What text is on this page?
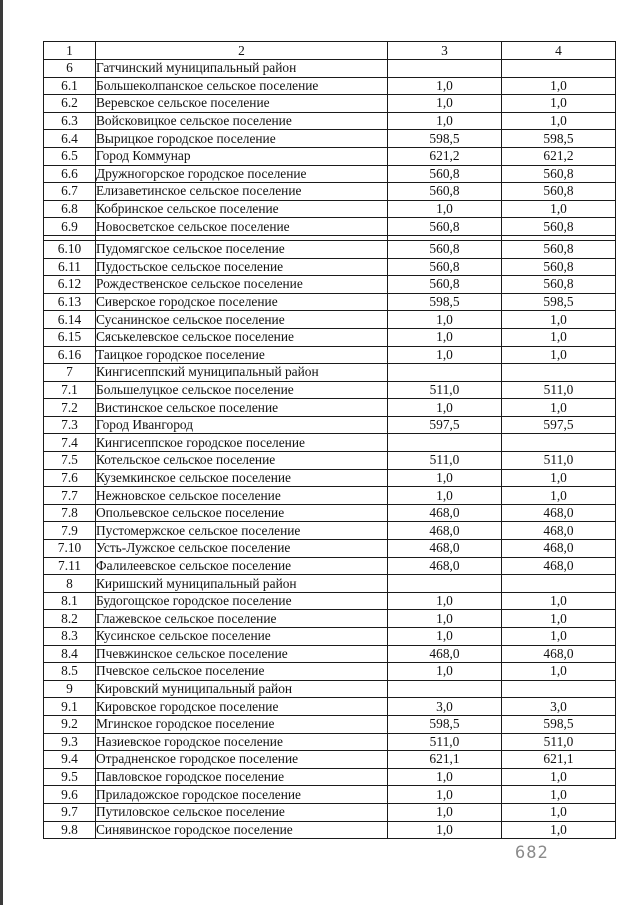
1	2	3	4
6	Гатчинский муниципальный район		
6.1	Большеколпанское сельское поселение	1,0	1,0
6.2	Веревское сельское поселение	1,0	1,0
6.3	Войсковицкое сельское поселение	1,0	1,0
6.4	Вырицкое городское поселение	598,5	598,5
6.5	Город Коммунар	621,2	621,2
6.6	Дружногорское городское поселение	560,8	560,8
6.7	Елизаветинское сельское поселение	560,8	560,8
6.8	Кобринское сельское поселение	1,0	1,0
6.9	Новосветское сельское поселение	560,8	560,8

6.10	Пудомягское сельское поселение	560,8	560,8
6.11	Пудостьское сельское поселение	560,8	560,8
6.12	Рождественское сельское поселение	560,8	560,8
6.13	Сиверское городское поселение	598,5	598,5
6.14	Сусанинское сельское поселение	1,0	1,0
6.15	Сяськелевское сельское поселение	1,0	1,0
6.16	Таицкое городское поселение	1,0	1,0
7	Кингисеппский муниципальный район		
7.1	Большелуцкое сельское поселение	511,0	511,0
7.2	Вистинское сельское поселение	1,0	1,0
7.3	Город Ивангород	597,5	597,5
7.4	Кингисеппское городское поселение		
7.5	Котельское сельское поселение	511,0	511,0
7.6	Куземкинское сельское поселение	1,0	1,0
7.7	Нежновское сельское поселение	1,0	1,0
7.8	Опольевское сельское поселение	468,0	468,0
7.9	Пустомержское сельское поселение	468,0	468,0
7.10	Усть-Лужское сельское поселение	468,0	468,0
7.11	Фалилеевское сельское поселение	468,0	468,0
8	Киришский муниципальный район		
8.1	Будогощское городское поселение	1,0	1,0
8.2	Глажевское сельское поселение	1,0	1,0
8.3	Кусинское сельское поселение	1,0	1,0
8.4	Пчевжинское сельское поселение	468,0	468,0
8.5	Пчевское сельское поселение	1,0	1,0
9	Кировский муниципальный район		
9.1	Кировское городское поселение	3,0	3,0
9.2	Мгинское городское поселение	598,5	598,5
9.3	Назиевское городское поселение	511,0	511,0
9.4	Отрадненское городское поселение	621,1	621,1
9.5	Павловское городское поселение	1,0	1,0
9.6	Приладожское городское поселение	1,0	1,0
9.7	Путиловское сельское поселение	1,0	1,0
9.8	Синявинское городское поселение	1,0	1,0
682
